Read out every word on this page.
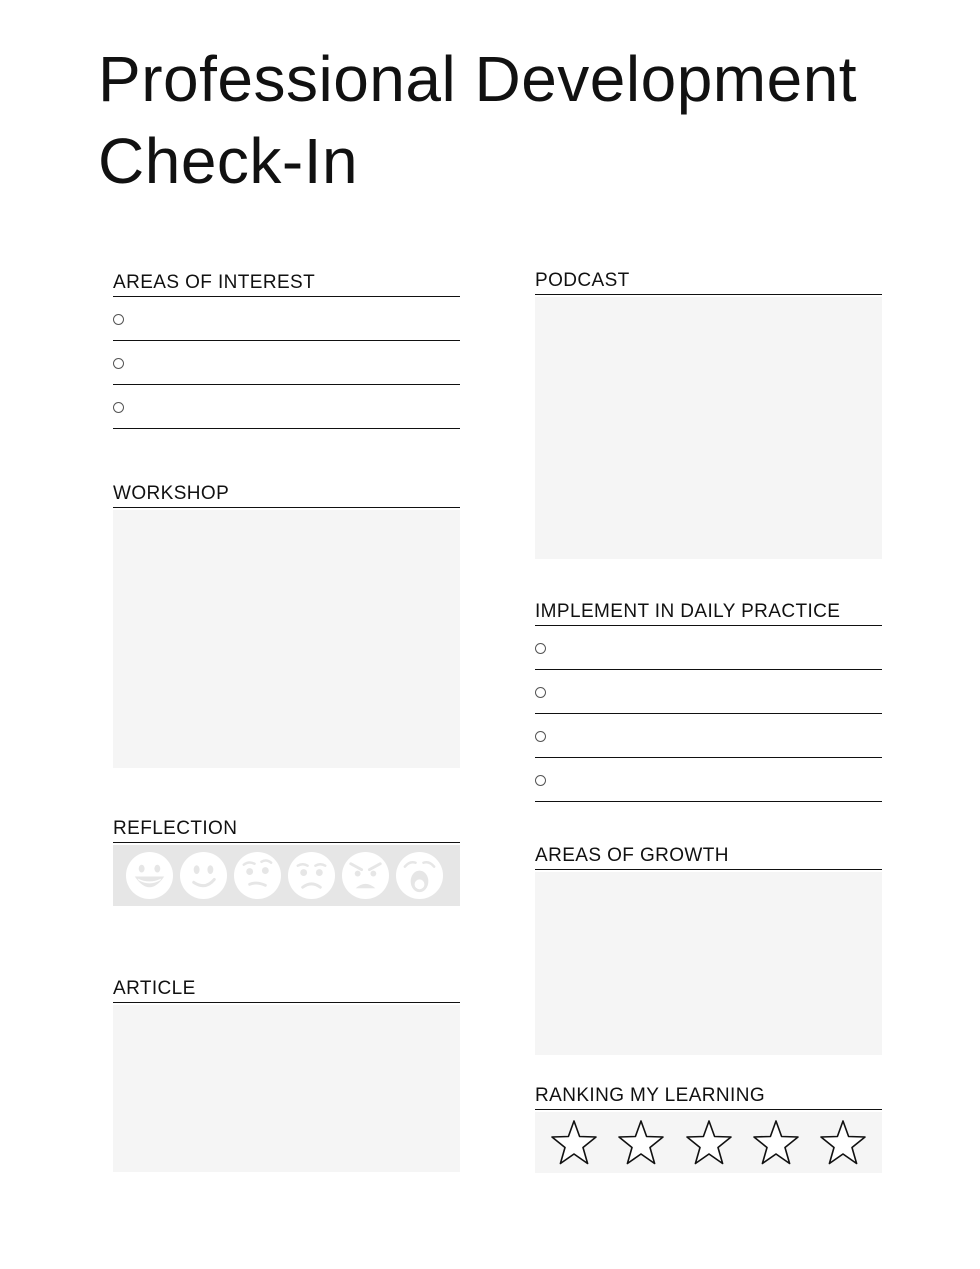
Professional Development
Check-In
AREAS OF INTEREST
WORKSHOP
REFLECTION
ARTICLE
PODCAST
IMPLEMENT IN DAILY PRACTICE
AREAS OF GROWTH
RANKING MY LEARNING
